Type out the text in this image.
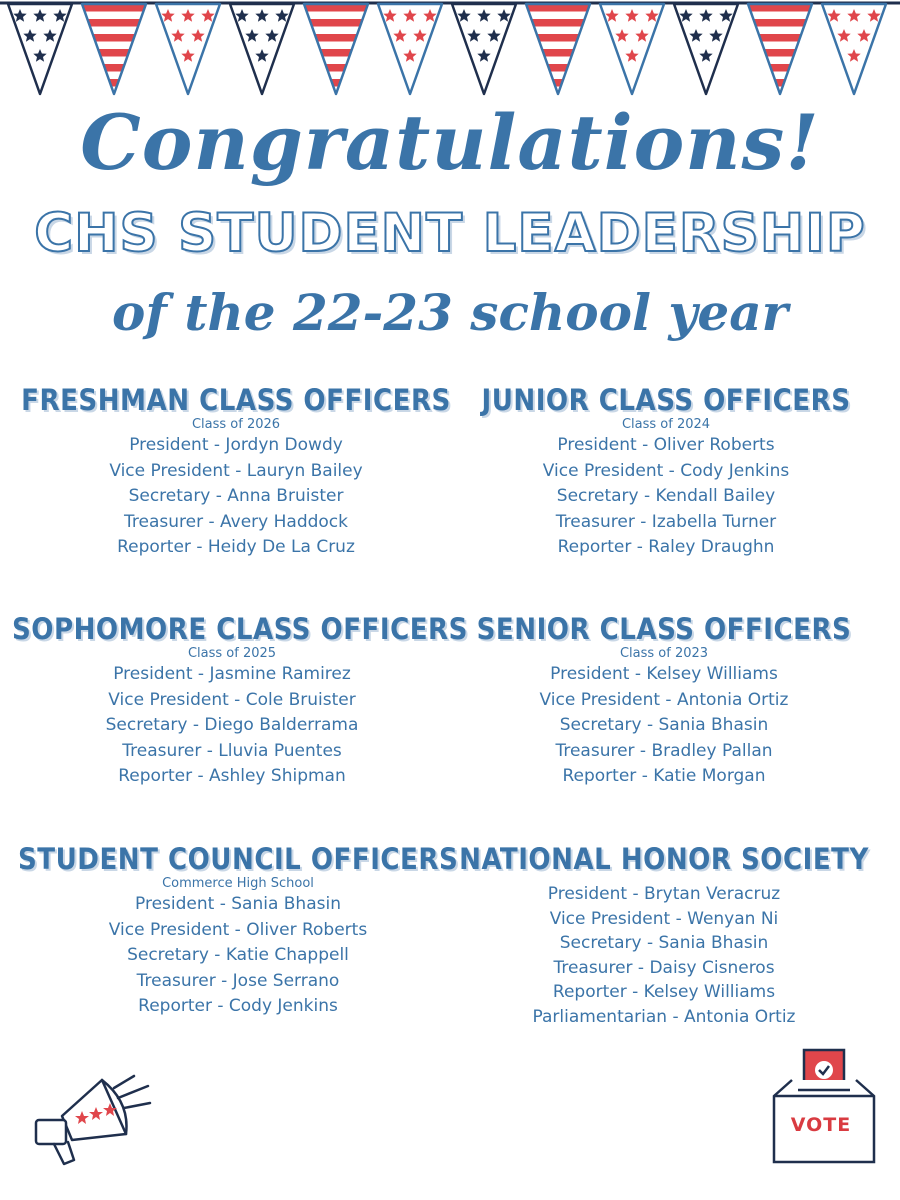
Congratulations!
CHS STUDENT LEADERSHIP
of the 22-23 school year
FRESHMAN CLASS OFFICERS
Class of 2026
President - Jordyn Dowdy
Vice President - Lauryn Bailey
Secretary - Anna Bruister
Treasurer - Avery Haddock
Reporter - Heidy De La Cruz
JUNIOR CLASS OFFICERS
Class of 2024
President - Oliver Roberts
Vice President - Cody Jenkins
Secretary - Kendall Bailey
Treasurer - Izabella Turner
Reporter - Raley Draughn
SOPHOMORE CLASS OFFICERS
Class of 2025
President - Jasmine Ramirez
Vice President - Cole Bruister
Secretary - Diego Balderrama
Treasurer - Lluvia Puentes
Reporter - Ashley Shipman
SENIOR CLASS OFFICERS
Class of 2023
President - Kelsey Williams
Vice President - Antonia Ortiz
Secretary - Sania Bhasin
Treasurer - Bradley Pallan
Reporter - Katie Morgan
STUDENT COUNCIL OFFICERS
Commerce High School
President - Sania Bhasin
Vice President - Oliver Roberts
Secretary - Katie Chappell
Treasurer - Jose Serrano
Reporter - Cody Jenkins
NATIONAL HONOR SOCIETY
President - Brytan Veracruz
Vice President - Wenyan Ni
Secretary - Sania Bhasin
Treasurer - Daisy Cisneros
Reporter - Kelsey Williams
Parliamentarian - Antonia Ortiz
VOTE
